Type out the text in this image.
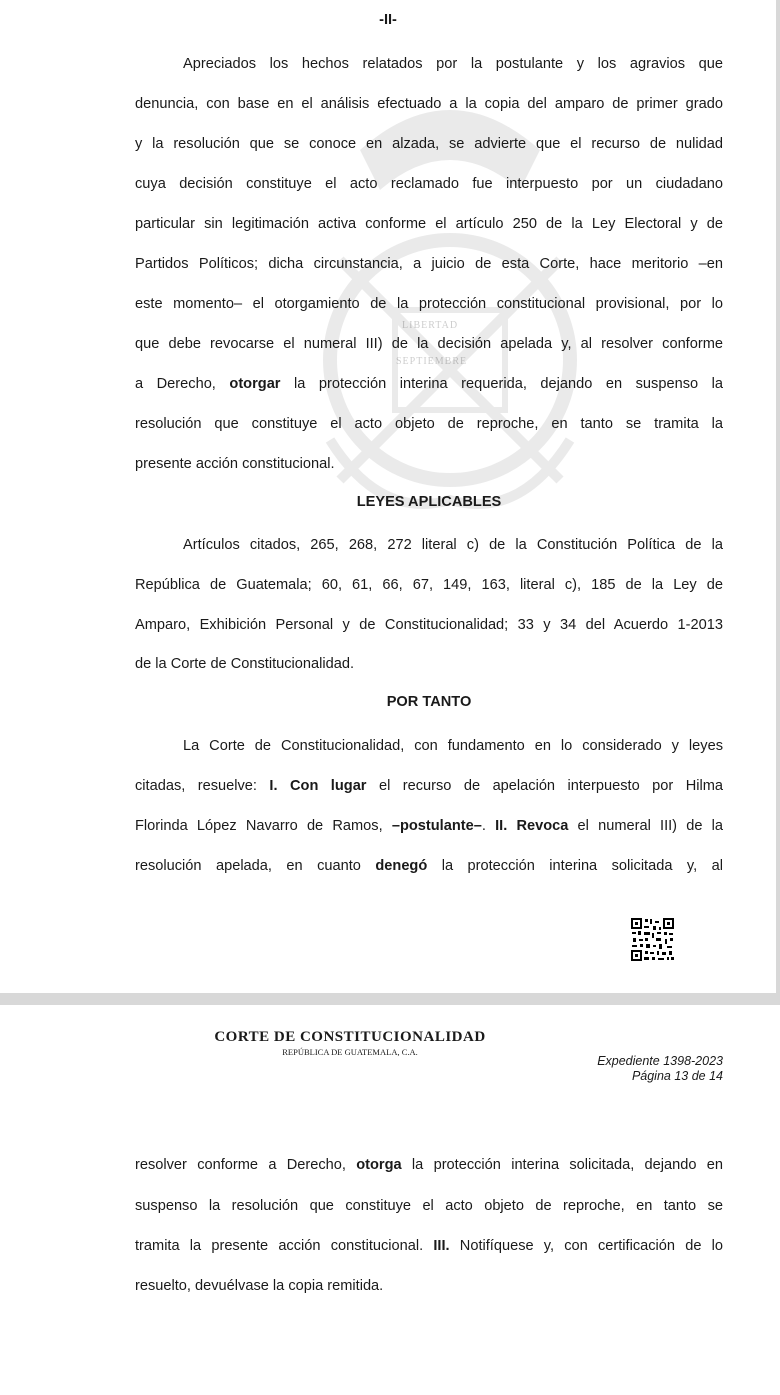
LIBERTAD
SEPTIEMBRE
-II-
Apreciados los hechos relatados por la postulante y los agravios que
denuncia, con base en el análisis efectuado a la copia del amparo de primer grado
y la resolución que se conoce en alzada, se advierte que el recurso de nulidad
cuya decisión constituye el acto reclamado fue interpuesto por un ciudadano
particular sin legitimación activa conforme el artículo 250 de la Ley Electoral y de
Partidos Políticos; dicha circunstancia, a juicio de esta Corte, hace meritorio –en
este momento– el otorgamiento de la protección constitucional provisional, por lo
que debe revocarse el numeral III) de la decisión apelada y, al resolver conforme
a Derecho, otorgar la protección interina requerida, dejando en suspenso la
resolución que constituye el acto objeto de reproche, en tanto se tramita la
presente acción constitucional.
LEYES APLICABLES
Artículos citados, 265, 268, 272 literal c) de la Constitución Política de la
República de Guatemala; 60, 61, 66, 67, 149, 163, literal c), 185 de la Ley de
Amparo, Exhibición Personal y de Constitucionalidad; 33 y 34 del Acuerdo 1-2013
de la Corte de Constitucionalidad.
POR TANTO
La Corte de Constitucionalidad, con fundamento en lo considerado y leyes
citadas, resuelve: I. Con lugar el recurso de apelación interpuesto por Hilma
Florinda López Navarro de Ramos, –postulante–. II. Revoca el numeral III) de la
resolución apelada, en cuanto denegó la protección interina solicitada y, al
CORTE DE CONSTITUCIONALIDAD
REPÚBLICA DE GUATEMALA, C.A.
Expediente 1398-2023
Página 13 de 14
resolver conforme a Derecho, otorga la protección interina solicitada, dejando en
suspenso la resolución que constituye el acto objeto de reproche, en tanto se
tramita la presente acción constitucional. III. Notifíquese y, con certificación de lo
resuelto, devuélvase la copia remitida.
